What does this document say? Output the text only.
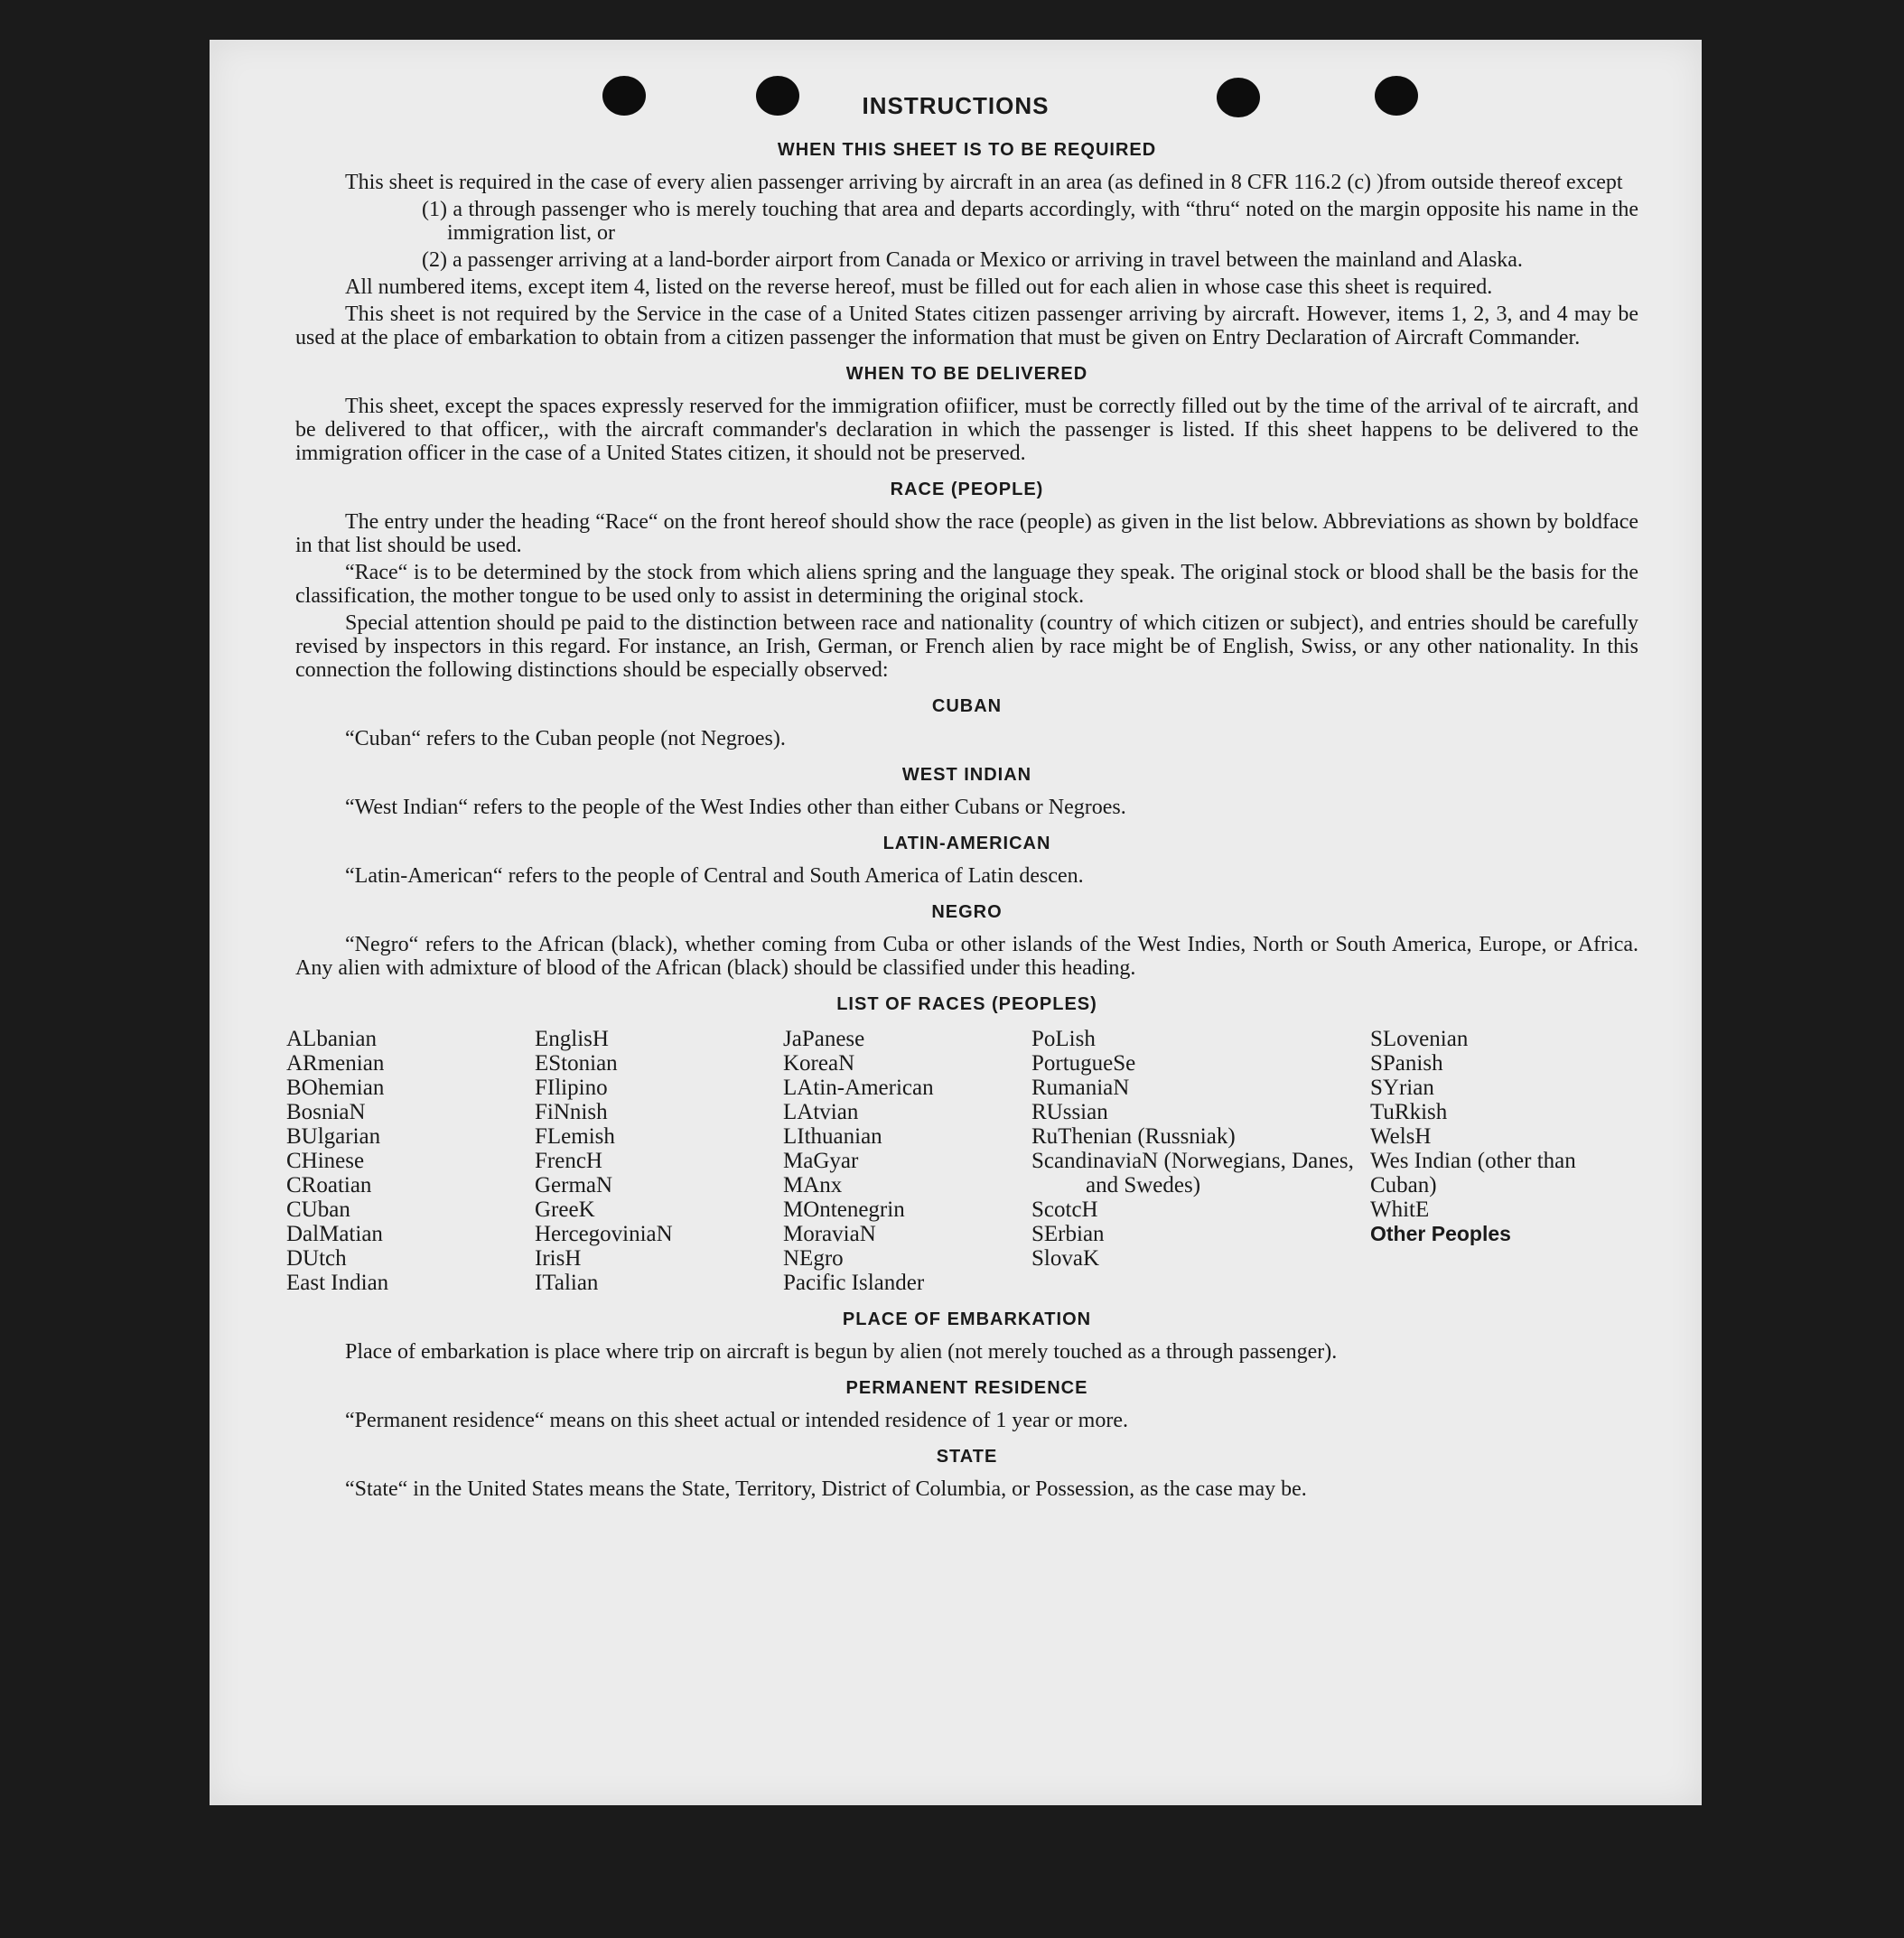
INSTRUCTIONS
WHEN THIS SHEET IS TO BE REQUIRED

This sheet is required in the case of every alien passenger arriving by aircraft in an area (as defined in 8 CFR 116.2 (c) )from outside thereof except

(1) a through passenger who is merely touching that area and departs accordingly, with “thru“ noted on the margin opposite his name in the immigration list, or

(2) a passenger arriving at a land-border airport from Canada or Mexico or arriving in travel between the mainland and Alaska.

All numbered items, except item 4, listed on the reverse hereof, must be filled out for each alien in whose case this sheet is required.

This sheet is not required by the Service in the case of a United States citizen passenger arriving by aircraft. However, items 1, 2, 3, and 4 may be used at the place of embarkation to obtain from a citizen passenger the information that must be given on Entry Declaration of Aircraft Commander.

WHEN TO BE DELIVERED

This sheet, except the spaces expressly reserved for the immigration ofiificer, must be correctly filled out by the time of the arrival of te aircraft, and be delivered to that officer,, with the aircraft commander's declaration in which the passenger is listed. If this sheet happens to be delivered to the immigration officer in the case of a United States citizen, it should not be preserved.

RACE (PEOPLE)

The entry under the heading “Race“ on the front hereof should show the race (people) as given in the list below. Abbreviations as shown by boldface in that list should be used.

“Race“ is to be determined by the stock from which aliens spring and the language they speak. The original stock or blood shall be the basis for the classification, the mother tongue to be used only to assist in determining the original stock.

Special attention should pe paid to the distinction between race and nationality (country of which citizen or subject), and entries should be carefully revised by inspectors in this regard. For instance, an Irish, German, or French alien by race might be of English, Swiss, or any other nationality. In this connection the following distinctions should be especially observed:

CUBAN

“Cuban“ refers to the Cuban people (not Negroes).

WEST INDIAN

“West Indian“ refers to the people of the West Indies other than either Cubans or Negroes.

LATIN-AMERICAN

“Latin-American“ refers to the people of Central and South America of Latin descen.

NEGRO

“Negro“ refers to the African (black), whether coming from Cuba or other islands of the West Indies, North or South America, Europe, or Africa. Any alien with admixture of blood of the African (black) should be classified under this heading.

LIST OF RACES (PEOPLES)
ALbanian
ARmenian
BOhemian
BosniaN
BUlgarian
CHinese
CRoatian
CUban
DalMatian
DUtch
East Indian
EnglisH
EStonian
FIlipino
FiNnish
FLemish
FrencH
GermaN
GreeK
HercegoviniaN
IrisH
ITalian
JaPanese
KoreaN
LAtin-American
LAtvian
LIthuanian
MaGyar
MAnx
MOntenegrin
MoraviaN
NEgro
Pacific Islander
PoLish
PortugueSe
RumaniaN
RUssian
RuThenian (Russniak)
ScandinaviaN (Norwegians, Danes, and Swedes)
ScotcH
SErbian
SlovaK
SLovenian
SPanish
SYrian
TuRkish
WelsH
Wes Indian (other than Cuban)
WhitE
Other Peoples
PLACE OF EMBARKATION

Place of embarkation is place where trip on aircraft is begun by alien (not merely touched as a through passenger).

PERMANENT RESIDENCE

“Permanent residence“ means on this sheet actual or intended residence of 1 year or more.

STATE

“State“ in the United States means the State, Territory, District of Columbia, or Possession, as the case may be.
